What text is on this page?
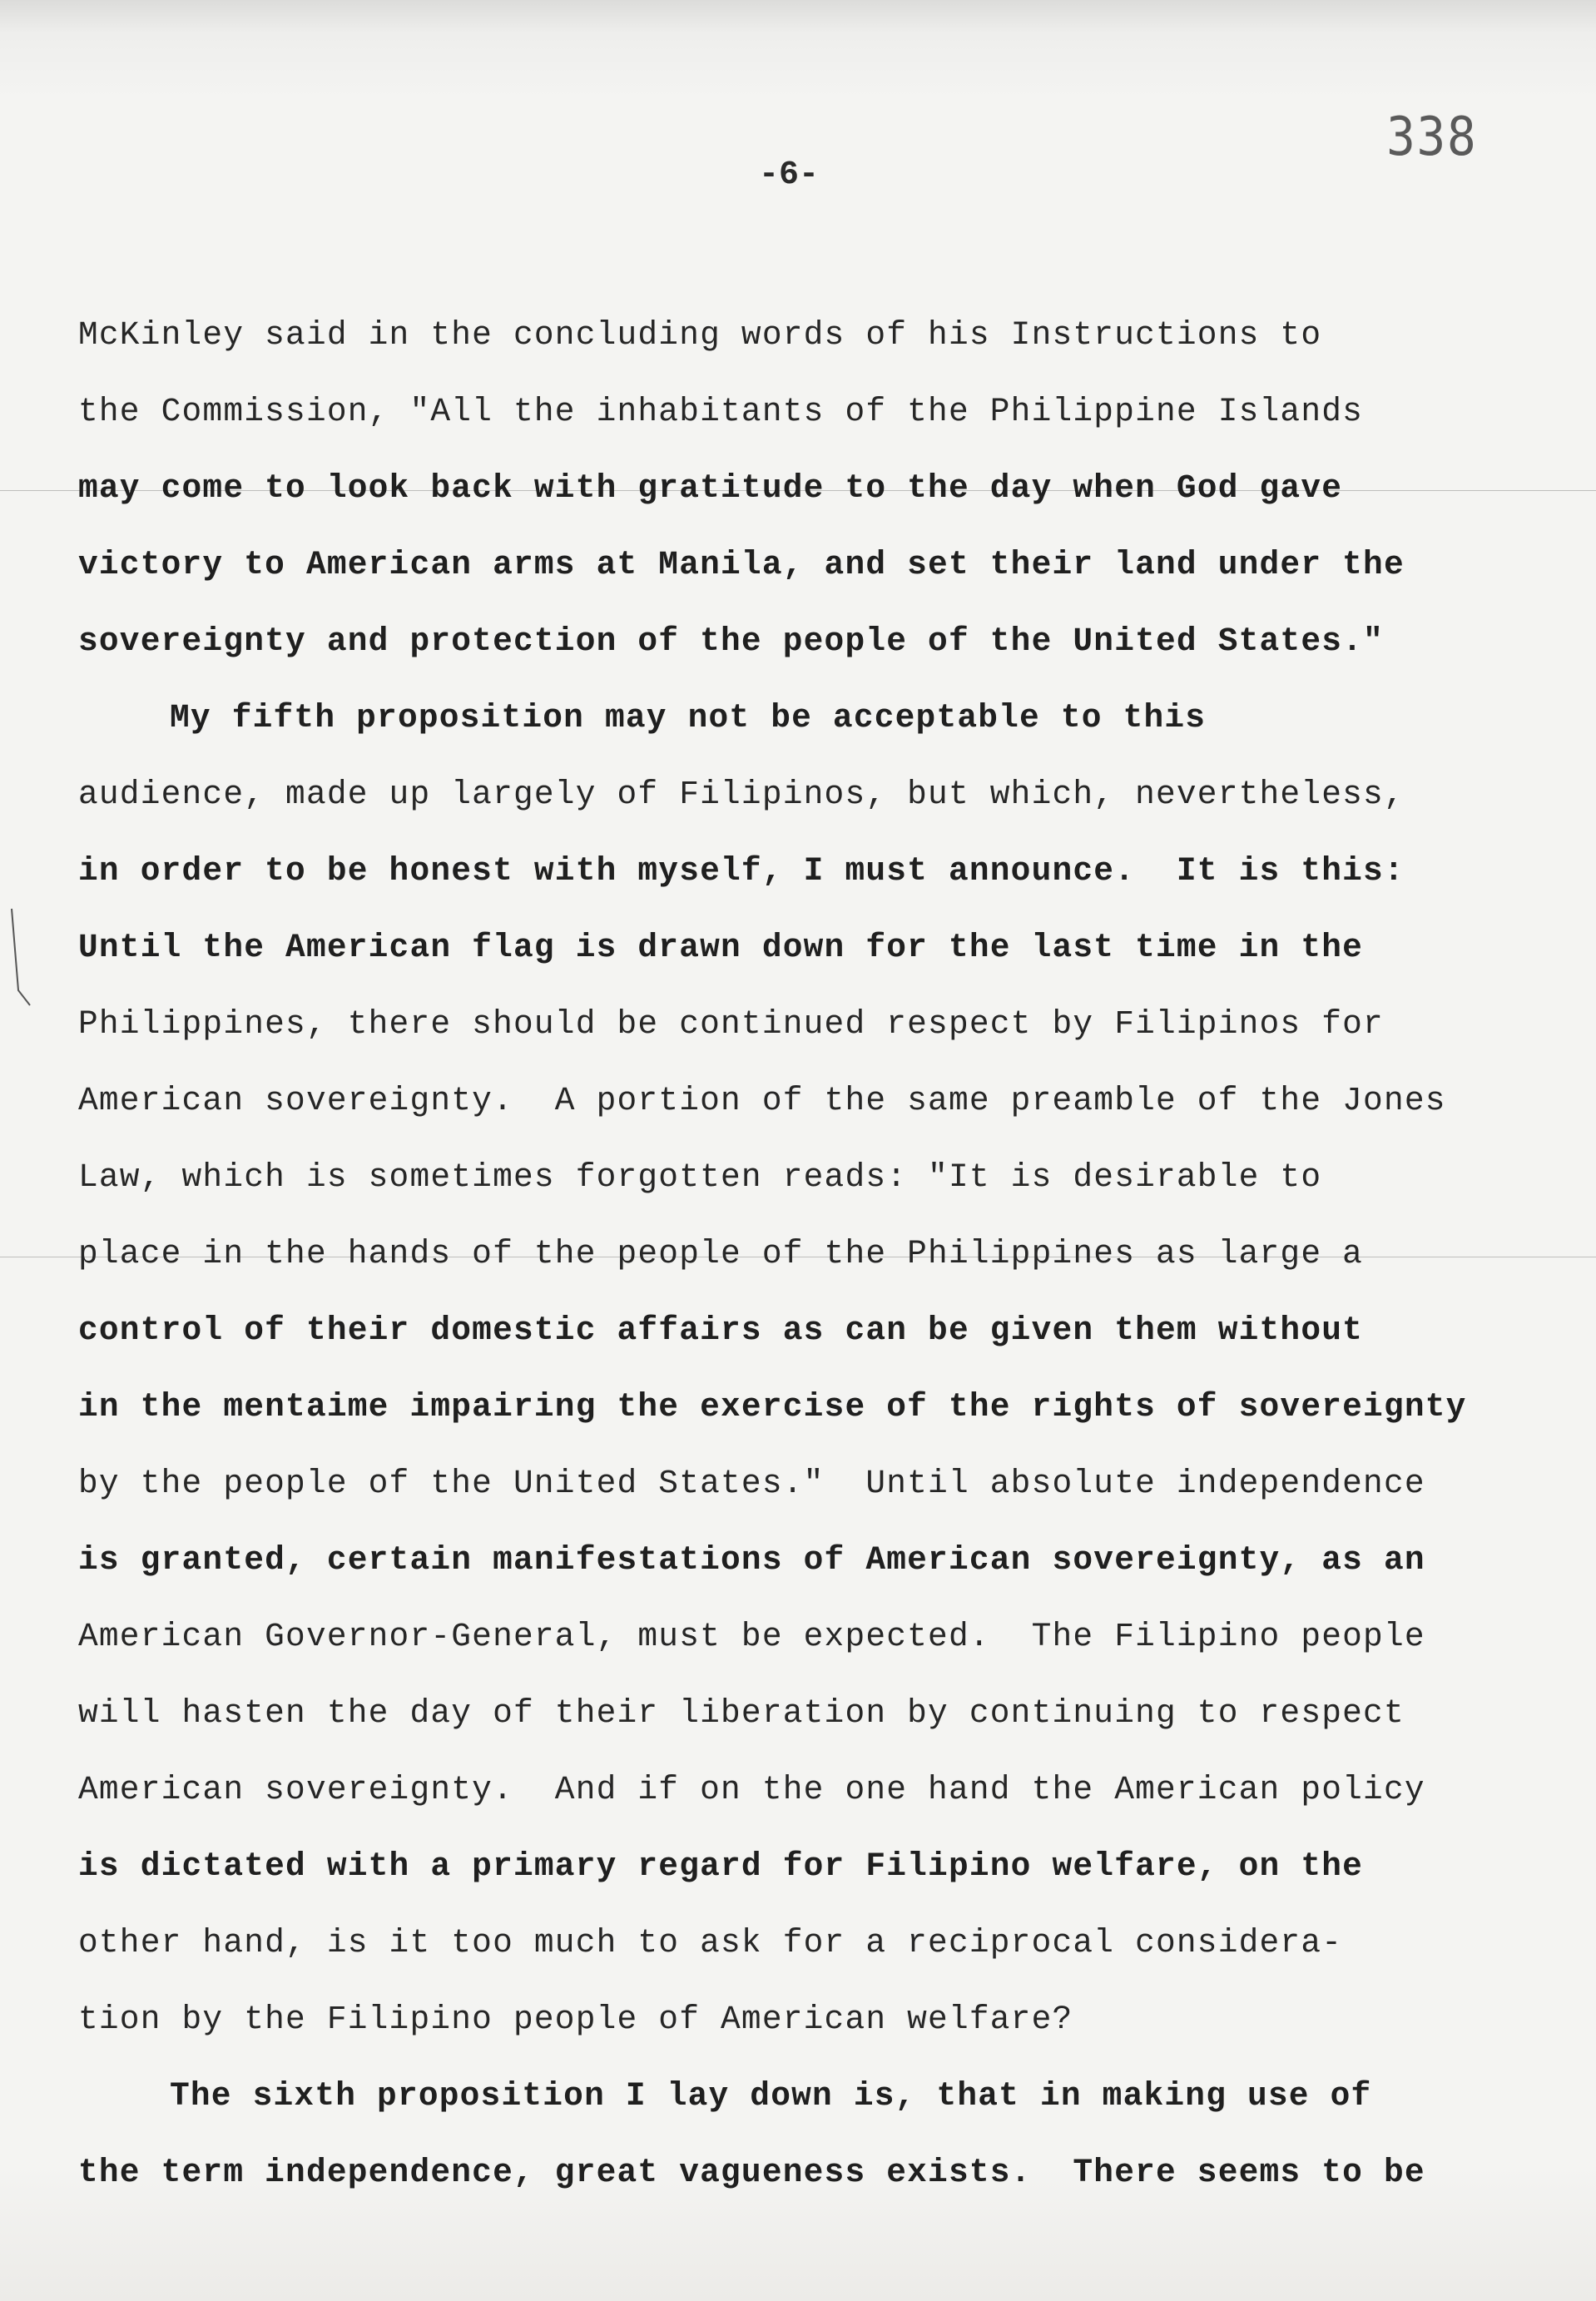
338
-6-
McKinley said in the concluding words of his Instructions to
the Commission, "All the inhabitants of the Philippine Islands
may come to look back with gratitude to the day when God gave
victory to American arms at Manila, and set their land under the
sovereignty and protection of the people of the United States."
My fifth proposition may not be acceptable to this
audience, made up largely of Filipinos, but which, nevertheless,
in order to be honest with myself, I must announce.  It is this:
Until the American flag is drawn down for the last time in the
Philippines, there should be continued respect by Filipinos for
American sovereignty.  A portion of the same preamble of the Jones
Law, which is sometimes forgotten reads: "It is desirable to
place in the hands of the people of the Philippines as large a
control of their domestic affairs as can be given them without
in the mentaime impairing the exercise of the rights of sovereignty
by the people of the United States."  Until absolute independence
is granted, certain manifestations of American sovereignty, as an
American Governor-General, must be expected.  The Filipino people
will hasten the day of their liberation by continuing to respect
American sovereignty.  And if on the one hand the American policy
is dictated with a primary regard for Filipino welfare, on the
other hand, is it too much to ask for a reciprocal considera-
tion by the Filipino people of American welfare?
The sixth proposition I lay down is, that in making use of
the term independence, great vagueness exists.  There seems to be
